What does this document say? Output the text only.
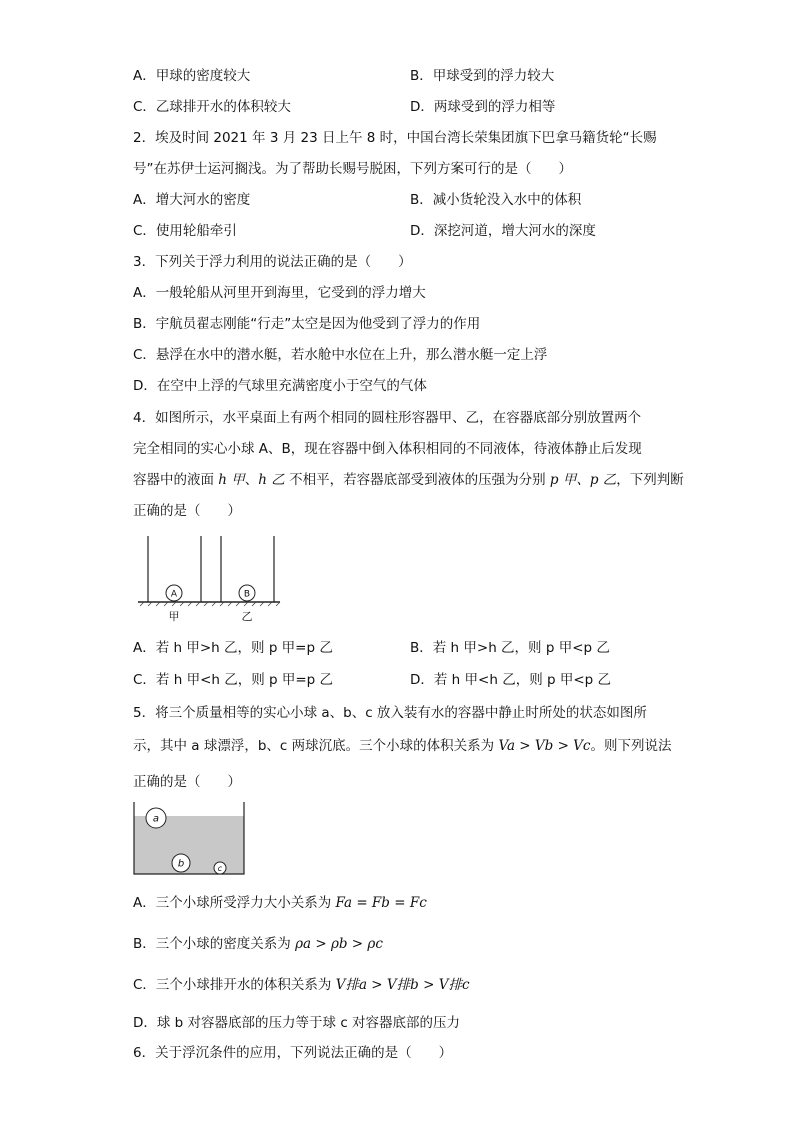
A．甲球的密度较大	B．甲球受到的浮力较大
C．乙球排开水的体积较大	D．两球受到的浮力相等
2．埃及时间 2021 年 3 月 23 日上午 8 时，中国台湾长荣集团旗下巴拿马籍货轮“长赐
号”在苏伊士运河搁浅。为了帮助长赐号脱困，下列方案可行的是（　　）
A．增大河水的密度	B．减小货轮没入水中的体积
C．使用轮船牵引	D．深挖河道，增大河水的深度
3．下列关于浮力利用的说法正确的是（　　）
A．一般轮船从河里开到海里，它受到的浮力增大
B．宇航员翟志刚能“行走”太空是因为他受到了浮力的作用
C．悬浮在水中的潜水艇，若水舱中水位在上升，那么潜水艇一定上浮
D．在空中上浮的气球里充满密度小于空气的气体
4．如图所示，水平桌面上有两个相同的圆柱形容器甲、乙，在容器底部分别放置两个
完全相同的实心小球 A、B，现在容器中倒入体积相同的不同液体，待液体静止后发现
容器中的液面 h 甲、h 乙 不相平，若容器底部受到液体的压强为分别 p 甲、p 乙，下列判断
正确的是（　　）
A	B
甲	乙
A．若 h 甲>h 乙，则 p 甲=p 乙	B．若 h 甲>h 乙，则 p 甲<p 乙
C．若 h 甲<h 乙，则 p 甲=p 乙	D．若 h 甲<h 乙，则 p 甲<p 乙
5．将三个质量相等的实心小球 a、b、c 放入装有水的容器中静止时所处的状态如图所
示，其中 a 球漂浮，b、c 两球沉底。三个小球的体积关系为 Va > Vb > Vc。则下列说法
正确的是（　　）
a
b	c
A．三个小球所受浮力大小关系为 Fa = Fb = Fc
B．三个小球的密度关系为 ρa > ρb > ρc
C．三个小球排开水的体积关系为 V排a > V排b > V排c
D．球 b 对容器底部的压力等于球 c 对容器底部的压力
6．关于浮沉条件的应用，下列说法正确的是（　　）
